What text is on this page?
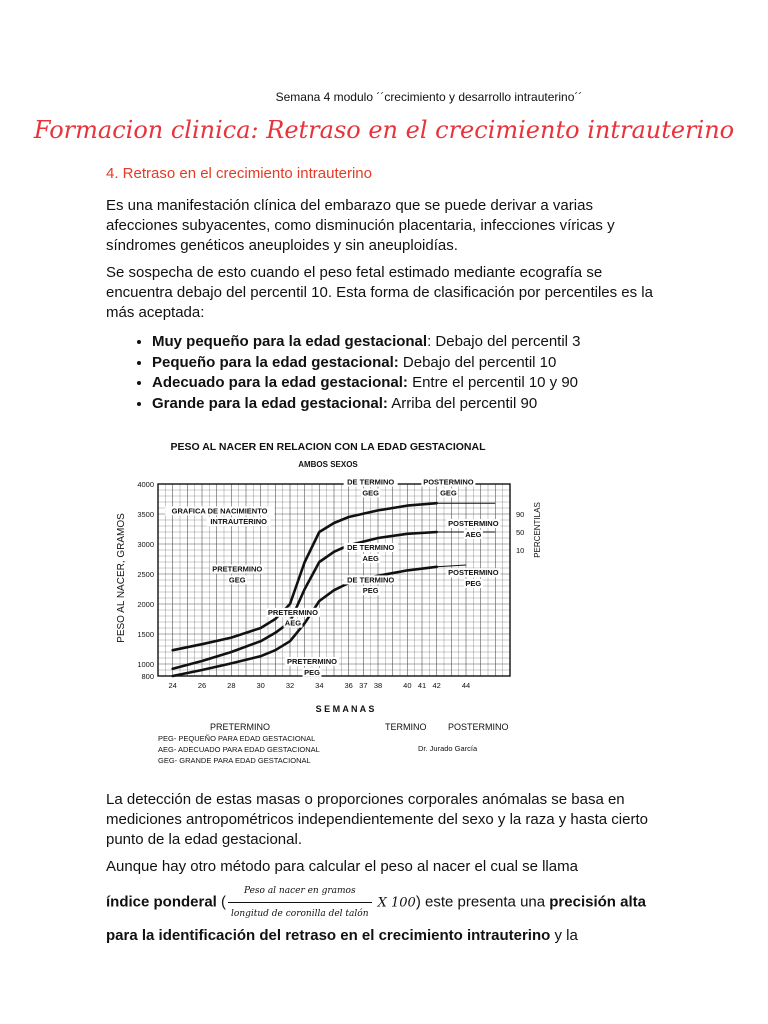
Semana 4 modulo ´´crecimiento y desarrollo intrauterino´´
Formacion clinica: Retraso en el crecimiento intrauterino
4. Retraso en el crecimiento intrauterino

Es una manifestación clínica del embarazo que se puede derivar a varias afecciones subyacentes, como disminución placentaria, infecciones víricas y síndromes genéticos aneuploides y sin aneuploidías.

Se sospecha de esto cuando el peso fetal estimado mediante ecografía se encuentra debajo del percentil 10. Esta forma de clasificación por percentiles es la más aceptada:

• Muy pequeño para la edad gestacional: Debajo del percentil 3
• Pequeño para la edad gestacional: Debajo del percentil 10
• Adecuado para la edad gestacional: Entre el percentil 10 y 90
• Grande para la edad gestacional: Arriba del percentil 90
PESO AL NACER EN RELACION CON LA EDAD GESTACIONAL
AMBOS SEXOS
PESO AL NACER, GRAMOS	PERCENTILAS
800
1000
1500
2000
2500
3000
3500
4000
24	26	28	30	32	34	36 37 38	40 41 42	44
90
50
10
GRAFICA DE NACIMIENTO
INTRAUTERINO
DE TERMINO
GEG
POSTERMINO
GEG
POSTERMINO
AEG
DE TERMINO
AEG
PRETERMINO
GEG
POSTERMINO
PEG
DE TERMINO
PEG
PRETERMINO
AEG
PRETERMINO
PEG
S E M A N A S
PRETERMINO	TERMINO POSTERMINO
PEG- PEQUEÑO PARA EDAD GESTACIONAL
AEG- ADECUADO PARA EDAD GESTACIONAL
GEG- GRANDE PARA EDAD GESTACIONAL
Dr. Jurado García

La detección de estas masas o proporciones corporales anómalas se basa en mediciones antropométricos independientemente del sexo y la raza y hasta cierto punto de la edad gestacional.

Aunque hay otro método para calcular el peso al nacer el cual se llama

índice ponderal ( $\frac{\text{Peso al nacer en gramos}}{\text{longitud de coronilla del talón}}$ X 100) este presenta una precisión alta para la identificación del retraso en el crecimiento intrauterino y la
